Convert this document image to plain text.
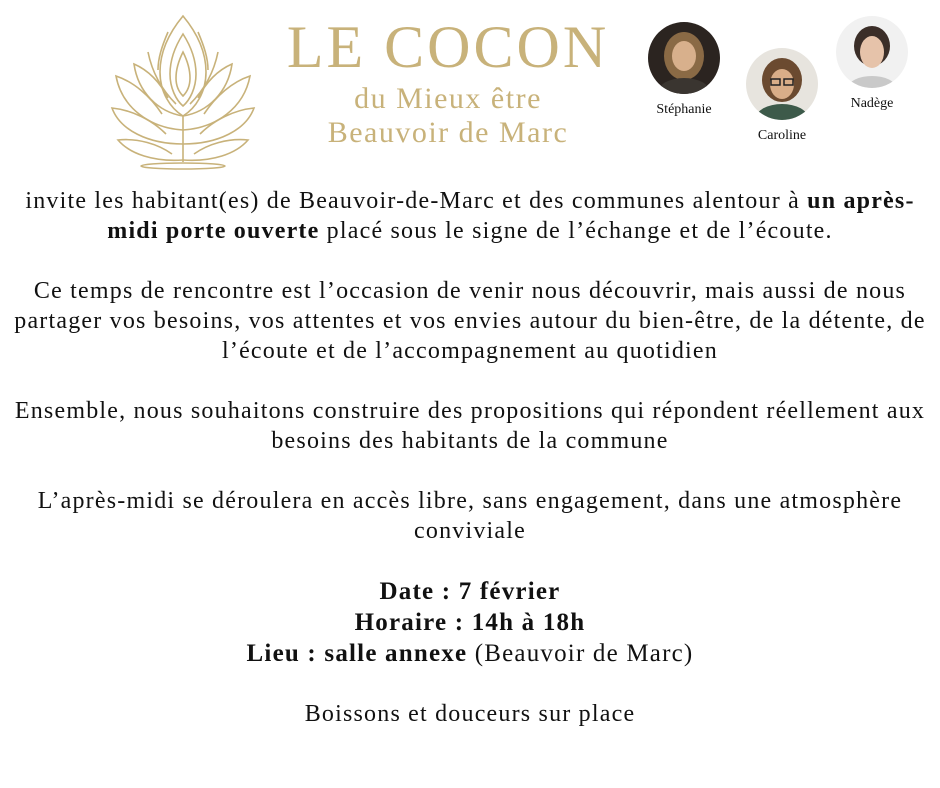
LE COCON
du Mieux être
Beauvoir de Marc
Stéphanie
Caroline
Nadège

invite les habitant(es) de Beauvoir-de-Marc et des communes alentour à un après-midi porte ouverte placé sous le signe de l’échange et de l’écoute.

Ce temps de rencontre est l’occasion de venir nous découvrir, mais aussi de nous partager vos besoins, vos attentes et vos envies autour du bien-être, de la détente, de l’écoute et de l’accompagnement au quotidien

Ensemble, nous souhaitons construire des propositions qui répondent réellement aux besoins des habitants de la commune

L’après-midi se déroulera en accès libre, sans engagement, dans une atmosphère conviviale

Date : 7 février
Horaire : 14h à 18h
Lieu : salle annexe (Beauvoir de Marc)

Boissons et douceurs sur place
